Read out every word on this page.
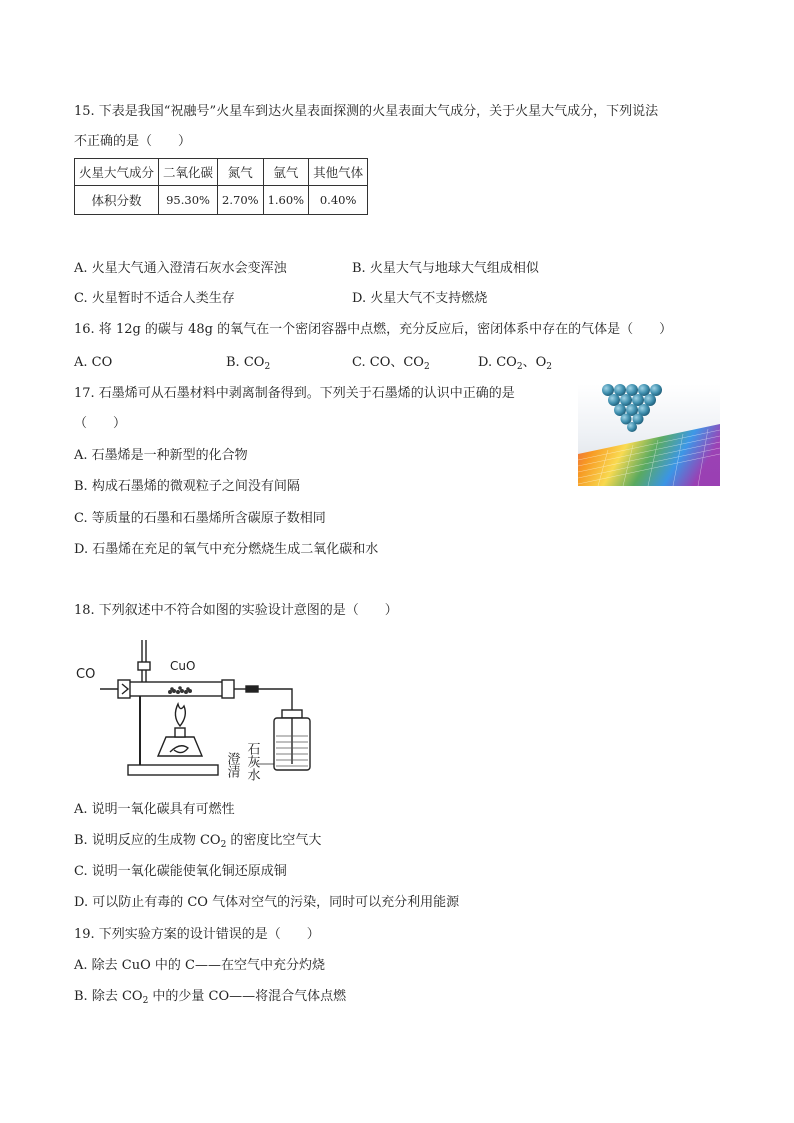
15. 下表是我国“祝融号”火星车到达火星表面探测的火星表面大气成分，关于火星大气成分，下列说法
不正确的是（　　）
火星大气成分	二氧化碳	氮气	氩气	其他气体
体积分数	95.30%	2.70%	1.60%	0.40%
A. 火星大气通入澄清石灰水会变浑浊	B. 火星大气与地球大气组成相似
C. 火星暂时不适合人类生存	D. 火星大气不支持燃烧
16. 将 12g 的碳与 48g 的氧气在一个密闭容器中点燃，充分反应后，密闭体系中存在的气体是（　　）
A. CO	B. $CO_2$	C. CO、$CO_2$	D. $CO_2$、$O_2$
17. 石墨烯可从石墨材料中剥离制备得到。下列关于石墨烯的认识中正确的是
（　　）
A. 石墨烯是一种新型的化合物
B. 构成石墨烯的微观粒子之间没有间隔
C. 等质量的石墨和石墨烯所含碳原子数相同
D. 石墨烯在充足的氧气中充分燃烧生成二氧化碳和水
18. 下列叙述中不符合如图的实验设计意图的是（　　）
CO
CuO
澄清 石灰水
A. 说明一氧化碳具有可燃性
B. 说明反应的生成物 $CO_2$ 的密度比空气大
C. 说明一氧化碳能使氧化铜还原成铜
D. 可以防止有毒的 CO 气体对空气的污染，同时可以充分利用能源
19. 下列实验方案的设计错误的是（　　）
A. 除去 CuO 中的 C——在空气中充分灼烧
B. 除去 $CO_2$ 中的少量 CO——将混合气体点燃
